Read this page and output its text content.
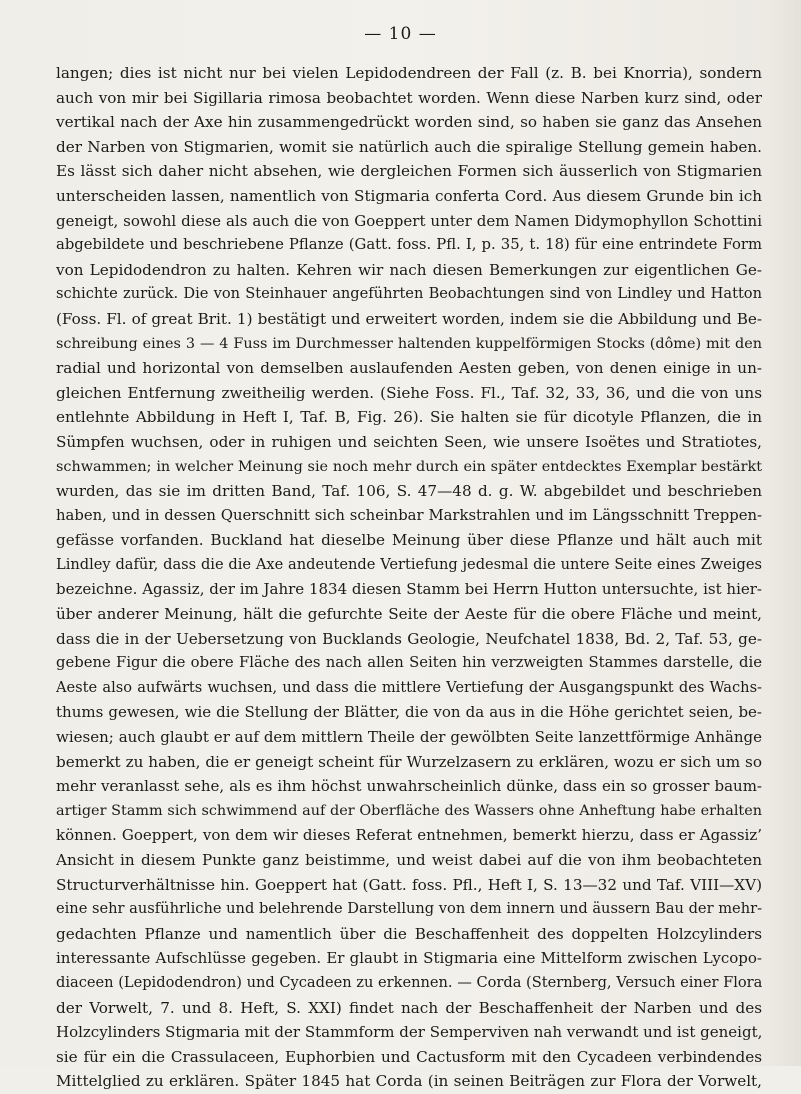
— 10 —
langen; dies ist nicht nur bei vielen Lepidodendreen der Fall (z. B. bei Knorria), sondern
auch von mir bei Sigillaria rimosa beobachtet worden. Wenn diese Narben kurz sind, oder
vertikal nach der Axe hin zusammengedrückt worden sind, so haben sie ganz das Ansehen
der Narben von Stigmarien, womit sie natürlich auch die spiralige Stellung gemein haben.
Es lässt sich daher nicht absehen, wie dergleichen Formen sich äusserlich von Stigmarien
unterscheiden lassen, namentlich von Stigmaria conferta Cord. Aus diesem Grunde bin ich
geneigt, sowohl diese als auch die von Goeppert unter dem Namen Didymophyllon Schottini
abgebildete und beschriebene Pflanze (Gatt. foss. Pfl. I, p. 35, t. 18) für eine entrindete Form
von Lepidodendron zu halten. Kehren wir nach diesen Bemerkungen zur eigentlichen Ge-
schichte zurück. Die von Steinhauer angeführten Beobachtungen sind von Lindley und Hatton
(Foss. Fl. of great Brit. 1) bestätigt und erweitert worden, indem sie die Abbildung und Be-
schreibung eines 3 — 4 Fuss im Durchmesser haltenden kuppelförmigen Stocks (dôme) mit den
radial und horizontal von demselben auslaufenden Aesten geben, von denen einige in un-
gleichen Entfernung zweitheilig werden. (Siehe Foss. Fl., Taf. 32, 33, 36, und die von uns
entlehnte Abbildung in Heft I, Taf. B, Fig. 26). Sie halten sie für dicotyle Pflanzen, die in
Sümpfen wuchsen, oder in ruhigen und seichten Seen, wie unsere Isoëtes und Stratiotes,
schwammen; in welcher Meinung sie noch mehr durch ein später entdecktes Exemplar bestärkt
wurden, das sie im dritten Band, Taf. 106, S. 47—48 d. g. W. abgebildet und beschrieben
haben, und in dessen Querschnitt sich scheinbar Markstrahlen und im Längsschnitt Treppen-
gefässe vorfanden. Buckland hat dieselbe Meinung über diese Pflanze und hält auch mit
Lindley dafür, dass die die Axe andeutende Vertiefung jedesmal die untere Seite eines Zweiges
bezeichne. Agassiz, der im Jahre 1834 diesen Stamm bei Herrn Hutton untersuchte, ist hier-
über anderer Meinung, hält die gefurchte Seite der Aeste für die obere Fläche und meint,
dass die in der Uebersetzung von Bucklands Geologie, Neufchatel 1838, Bd. 2, Taf. 53, ge-
gebene Figur die obere Fläche des nach allen Seiten hin verzweigten Stammes darstelle, die
Aeste also aufwärts wuchsen, und dass die mittlere Vertiefung der Ausgangspunkt des Wachs-
thums gewesen, wie die Stellung der Blätter, die von da aus in die Höhe gerichtet seien, be-
wiesen; auch glaubt er auf dem mittlern Theile der gewölbten Seite lanzettförmige Anhänge
bemerkt zu haben, die er geneigt scheint für Wurzelzasern zu erklären, wozu er sich um so
mehr veranlasst sehe, als es ihm höchst unwahrscheinlich dünke, dass ein so grosser baum-
artiger Stamm sich schwimmend auf der Oberfläche des Wassers ohne Anheftung habe erhalten
können. Goeppert, von dem wir dieses Referat entnehmen, bemerkt hierzu, dass er Agassiz’
Ansicht in diesem Punkte ganz beistimme, und weist dabei auf die von ihm beobachteten
Structurverhältnisse hin. Goeppert hat (Gatt. foss. Pfl., Heft I, S. 13—32 und Taf. VIII—XV)
eine sehr ausführliche und belehrende Darstellung von dem innern und äussern Bau der mehr-
gedachten Pflanze und namentlich über die Beschaffenheit des doppelten Holzcylinders
interessante Aufschlüsse gegeben. Er glaubt in Stigmaria eine Mittelform zwischen Lycopo-
diaceen (Lepidodendron) und Cycadeen zu erkennen. — Corda (Sternberg, Versuch einer Flora
der Vorwelt, 7. und 8. Heft, S. XXI) findet nach der Beschaffenheit der Narben und des
Holzcylinders Stigmaria mit der Stammform der Semperviven nah verwandt und ist geneigt,
sie für ein die Crassulaceen, Euphorbien und Cactusform mit den Cycadeen verbindendes
Mittelglied zu erklären. Später 1845 hat Corda (in seinen Beiträgen zur Flora der Vorwelt,
